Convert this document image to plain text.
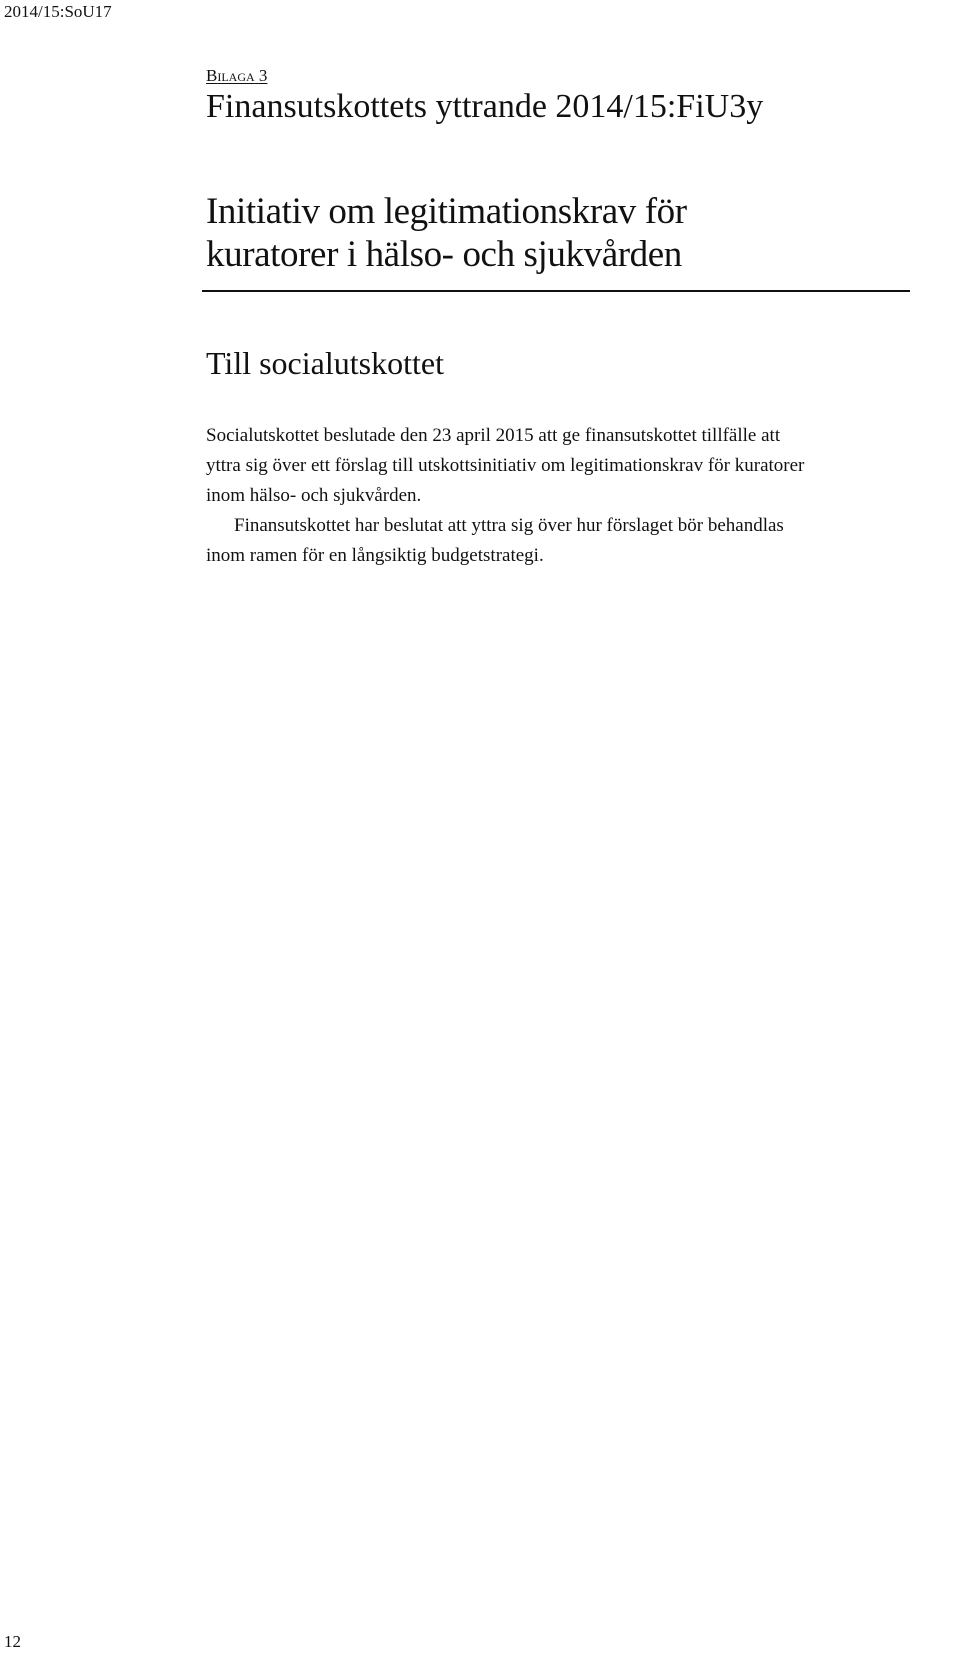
2014/15:SoU17
Bilaga 3
Finansutskottets yttrande 2014/15:FiU3y
Initiativ om legitimationskrav för
kuratorer i hälso- och sjukvården
Till socialutskottet

Socialutskottet beslutade den 23 april 2015 att ge finansutskottet tillfälle att

yttra sig över ett förslag till utskottsinitiativ om legitimationskrav för kuratorer

inom hälso- och sjukvården.

Finansutskottet har beslutat att yttra sig över hur förslaget bör behandlas

inom ramen för en långsiktig budgetstrategi.

12
